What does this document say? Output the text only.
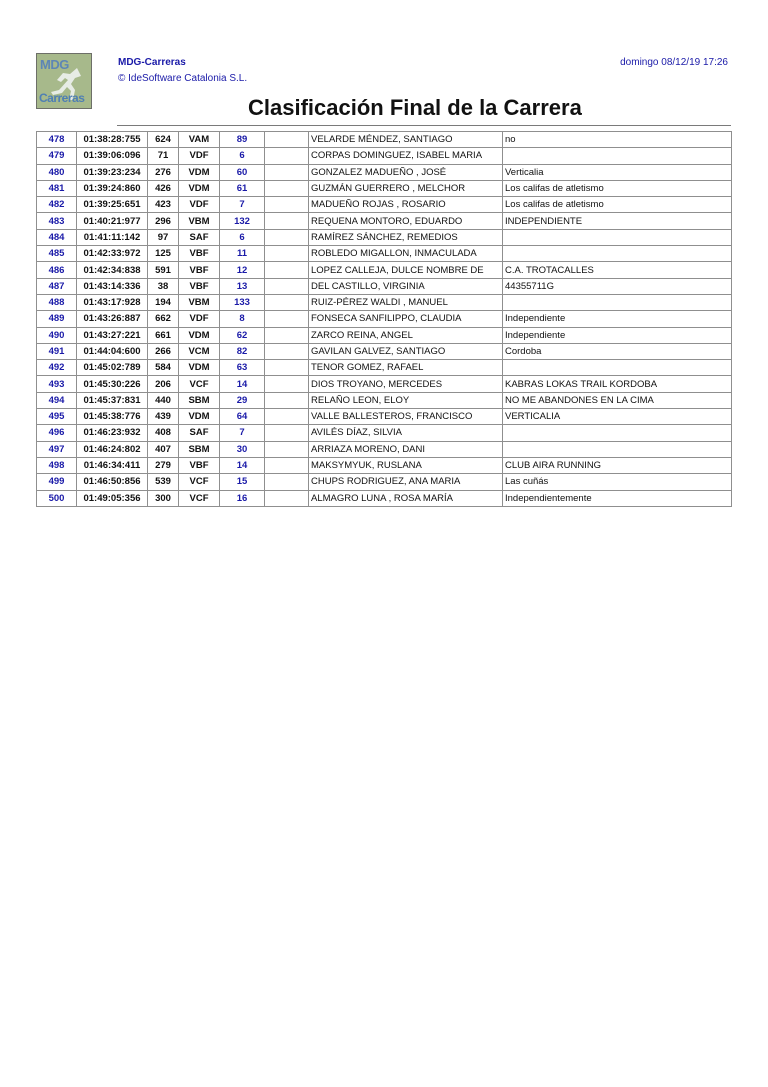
MDG
Carreras
MDG-Carreras
© IdeSoftware Catalonia S.L.
domingo 08/12/19 17:26
Clasificación Final de la Carrera
478	01:38:28:755	624	VAM	89		VELARDE MÉNDEZ, SANTIAGO	no
479	01:39:06:096	71	VDF	6		CORPAS DOMINGUEZ, ISABEL MARIA	
480	01:39:23:234	276	VDM	60		GONZALEZ MADUEÑO , JOSÉ	Verticalia
481	01:39:24:860	426	VDM	61		GUZMÁN GUERRERO , MELCHOR	Los califas de atletismo
482	01:39:25:651	423	VDF	7		MADUEÑO ROJAS , ROSARIO	Los califas de atletismo
483	01:40:21:977	296	VBM	132		REQUENA MONTORO, EDUARDO	INDEPENDIENTE
484	01:41:11:142	97	SAF	6		RAMÍREZ SÁNCHEZ, REMEDIOS	
485	01:42:33:972	125	VBF	11		ROBLEDO MIGALLON, INMACULADA	
486	01:42:34:838	591	VBF	12		LOPEZ CALLEJA, DULCE NOMBRE DE	C.A. TROTACALLES
487	01:43:14:336	38	VBF	13		DEL CASTILLO, VIRGINIA	44355711G
488	01:43:17:928	194	VBM	133		RUIZ-PÉREZ WALDI , MANUEL	
489	01:43:26:887	662	VDF	8		FONSECA SANFILIPPO, CLAUDIA	Independiente
490	01:43:27:221	661	VDM	62		ZARCO REINA, ANGEL	Independiente
491	01:44:04:600	266	VCM	82		GAVILAN GALVEZ, SANTIAGO	Cordoba
492	01:45:02:789	584	VDM	63		TENOR GOMEZ, RAFAEL	
493	01:45:30:226	206	VCF	14		DIOS TROYANO, MERCEDES	KABRAS LOKAS TRAIL KORDOBA
494	01:45:37:831	440	SBM	29		RELAÑO LEON, ELOY	NO ME ABANDONES EN LA CIMA
495	01:45:38:776	439	VDM	64		VALLE BALLESTEROS, FRANCISCO	VERTICALIA
496	01:46:23:932	408	SAF	7		AVILÉS DÍAZ, SILVIA	
497	01:46:24:802	407	SBM	30		ARRIAZA MORENO, DANI	
498	01:46:34:411	279	VBF	14		MAKSYMYUK, RUSLANA	CLUB AIRA RUNNING
499	01:46:50:856	539	VCF	15		CHUPS RODRIGUEZ, ANA MARIA	Las cuñás
500	01:49:05:356	300	VCF	16		ALMAGRO LUNA , ROSA MARÍA	Independientemente
